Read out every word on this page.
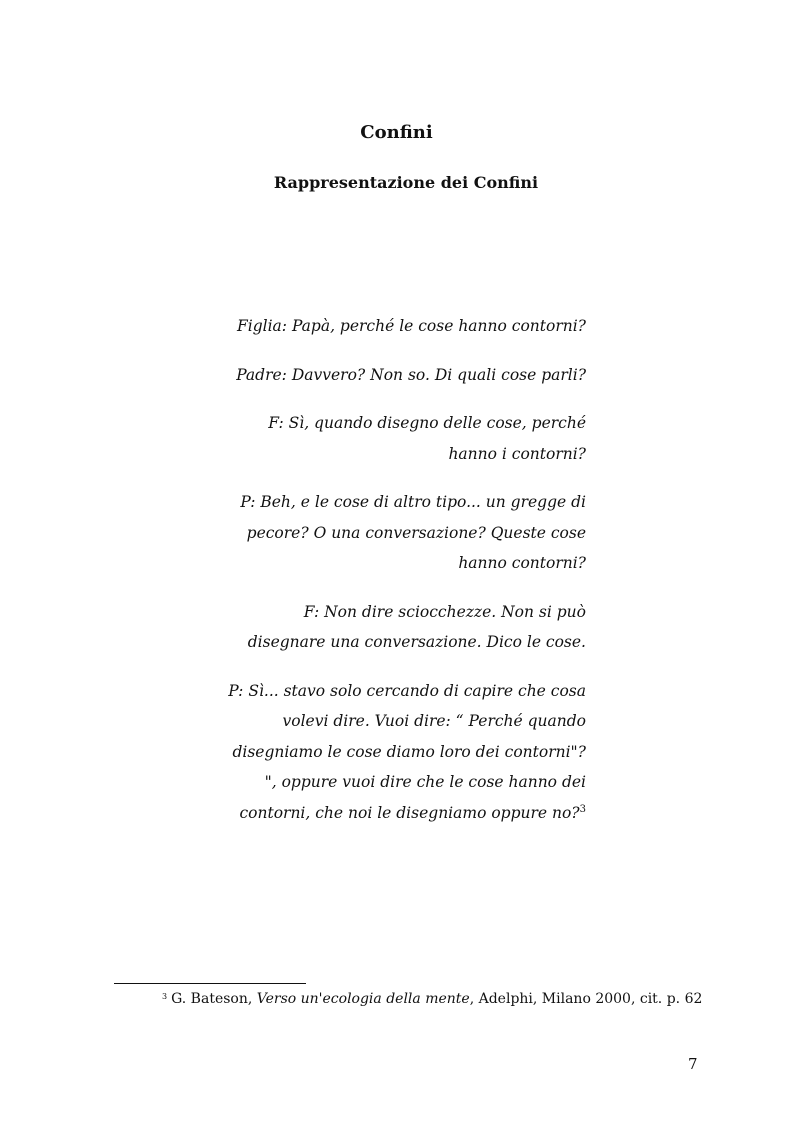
Confini
Rappresentazione dei Confini

Figlia: Papà, perché le cose hanno contorni?

Padre: Davvero? Non so. Di quali cose parli?

F: Sì, quando disegno delle cose, perché hanno i contorni?

P: Beh, e le cose di altro tipo... un gregge di pecore? O una conversazione? Queste cose hanno contorni?

F: Non dire sciocchezze. Non si può disegnare una conversazione. Dico le cose.

P: Sì... stavo solo cercando di capire che cosa volevi dire. Vuoi dire: “ Perché quando disegniamo le cose diamo loro dei contorni"? ", oppure vuoi dire che le cose hanno dei contorni, che noi le disegniamo oppure no?$^3$

$^3$ G. Bateson, Verso un'ecologia della mente, Adelphi, Milano 2000, cit. p. 62
7
